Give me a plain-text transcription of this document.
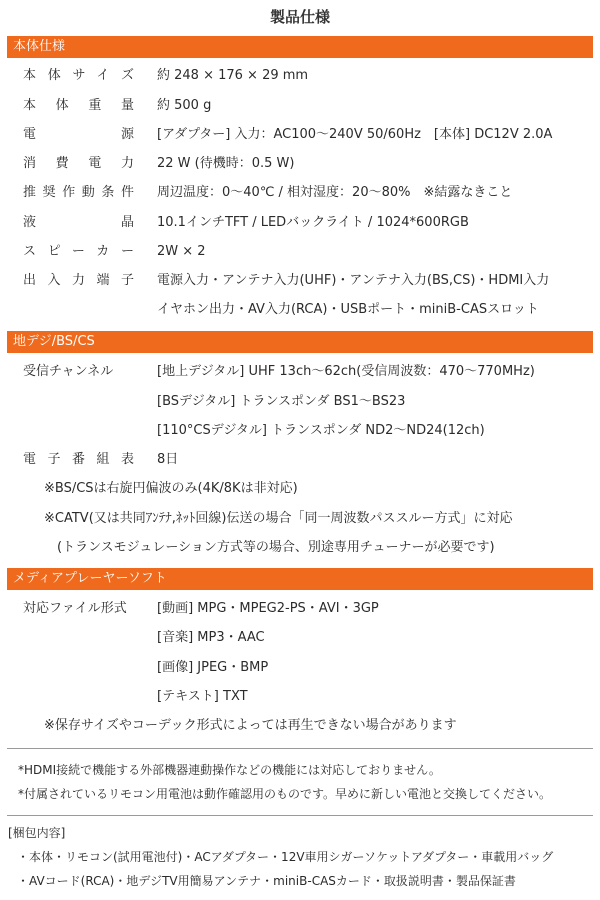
製品仕様
本体仕様
本体サイズ 約 248 × 176 × 29 mm
本体重量 約 500 g
電源 [アダプター] 入力：AC100〜240V 50/60Hz　[本体] DC12V 2.0A
消費電力 22 W (待機時：0.5 W)
推奨作動条件 周辺温度：0〜40℃ / 相対湿度：20〜80%　※結露なきこと
液晶 10.1インチTFT / LEDバックライト / 1024*600RGB
スピーカー 2W × 2
出入力端子 電源入力・アンテナ入力(UHF)・アンテナ入力(BS,CS)・HDMI入力
イヤホン出力・AV入力(RCA)・USBポート・miniB-CASスロット
地デジ/BS/CS
受信チャンネル	[地上デジタル] UHF 13ch〜62ch(受信周波数：470〜770MHz)
[BSデジタル] トランスポンダ BS1〜BS23
[110°CSデジタル] トランスポンダ ND2〜ND24(12ch)
電子番組表 8日
※BS/CSは右旋円偏波のみ(4K/8Kは非対応)
※CATV(又は共同ｱﾝﾃﾅ,ﾈｯﾄ回線)伝送の場合「同一周波数パススルー方式」に対応
(トランスモジュレーション方式等の場合、別途専用チューナーが必要です)
メディアプレーヤーソフト
対応ファイル形式 [動画] MPG・MPEG2-PS・AVI・3GP
[音楽] MP3・AAC
[画像] JPEG・BMP
[テキスト] TXT
※保存サイズやコーデック形式によっては再生できない場合があります
*HDMI接続で機能する外部機器連動操作などの機能には対応しておりません。
*付属されているリモコン用電池は動作確認用のものです。早めに新しい電池と交換してください。
[梱包内容]
・本体・リモコン(試用電池付)・ACアダプター・12V車用シガーソケットアダプター・車載用バッグ
・AVコード(RCA)・地デジTV用簡易アンテナ・miniB-CASカード・取扱説明書・製品保証書
